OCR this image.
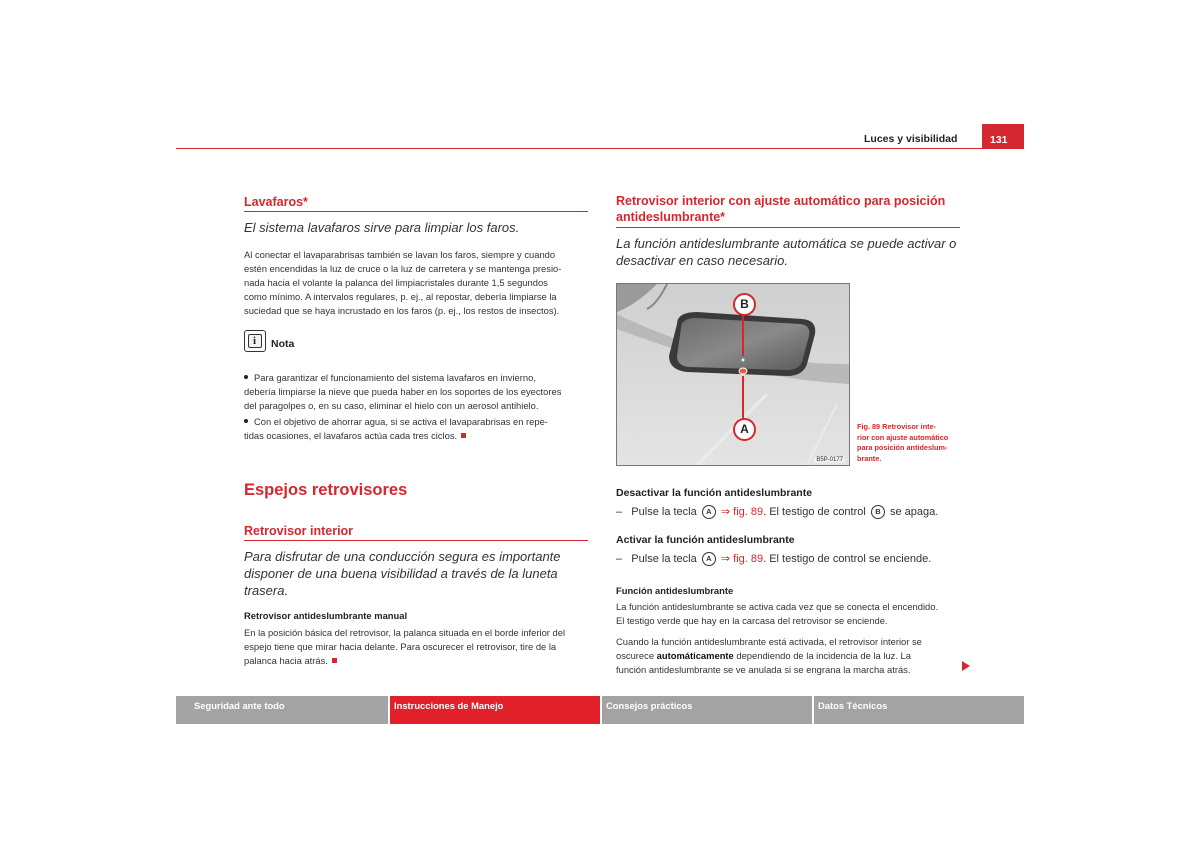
Luces y visibilidad	131
Lavafaros*
El sistema lavafaros sirve para limpiar los faros.
Al conectar el lavaparabrisas también se lavan los faros, siempre y cuando
estén encendidas la luz de cruce o la luz de carretera y se mantenga presio-
nada hacia el volante la palanca del limpiacristales durante 1,5 segundos
como mínimo. A intervalos regulares, p. ej., al repostar, debería limpiarse la
suciedad que se haya incrustado en los faros (p. ej., los restos de insectos).
i Nota
Para garantizar el funcionamiento del sistema lavafaros en invierno,
debería limpiarse la nieve que pueda haber en los soportes de los eyectores
del paragolpes o, en su caso, eliminar el hielo con un aerosol antihielo.
Con el objetivo de ahorrar agua, si se activa el lavaparabrisas en repe-
tidas ocasiones, el lavafaros actúa cada tres ciclos.
Espejos retrovisores
Retrovisor interior
Para disfrutar de una conducción segura es importante
disponer de una buena visibilidad a través de la luneta
trasera.
Retrovisor antideslumbrante manual
En la posición básica del retrovisor, la palanca situada en el borde inferior del
espejo tiene que mirar hacia delante. Para oscurecer el retrovisor, tire de la
palanca hacia atrás.
Retrovisor interior con ajuste automático para posición
antideslumbrante*
La función antideslumbrante automática se puede activar o
desactivar en caso necesario.
B
A
B5P-0177
Fig. 89 Retrovisor inte-
rior con ajuste automático
para posición antideslum-
brante.
Desactivar la función antideslumbrante
– Pulse la tecla A ⇒ fig. 89. El testigo de control B se apaga.
Activar la función antideslumbrante
– Pulse la tecla A ⇒ fig. 89. El testigo de control se enciende.
Función antideslumbrante
La función antideslumbrante se activa cada vez que se conecta el encendido.
El testigo verde que hay en la carcasa del retrovisor se enciende.
Cuando la función antideslumbrante está activada, el retrovisor interior se
oscurece automáticamente dependiendo de la incidencia de la luz. La
función antideslumbrante se ve anulada si se engrana la marcha atrás.
Seguridad ante todo	Instrucciones de Manejo	Consejos prácticos	Datos Técnicos
